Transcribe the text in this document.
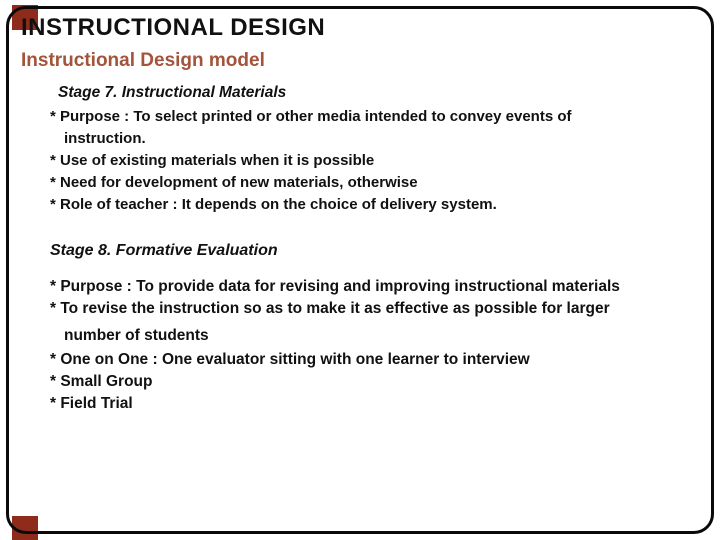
INSTRUCTIONAL DESIGN
Instructional Design model

Stage 7. Instructional Materials

* Purpose : To select printed or other media intended to convey events of

instruction.

* Use of existing materials when it is possible

* Need for development of new materials, otherwise

* Role of teacher : It depends on the choice of delivery system.

Stage 8. Formative Evaluation

* Purpose : To provide data for revising and improving instructional materials

* To revise the instruction so as to make it as effective as possible for larger

number of students

* One on One : One evaluator sitting with one learner to interview

* Small Group

* Field Trial
